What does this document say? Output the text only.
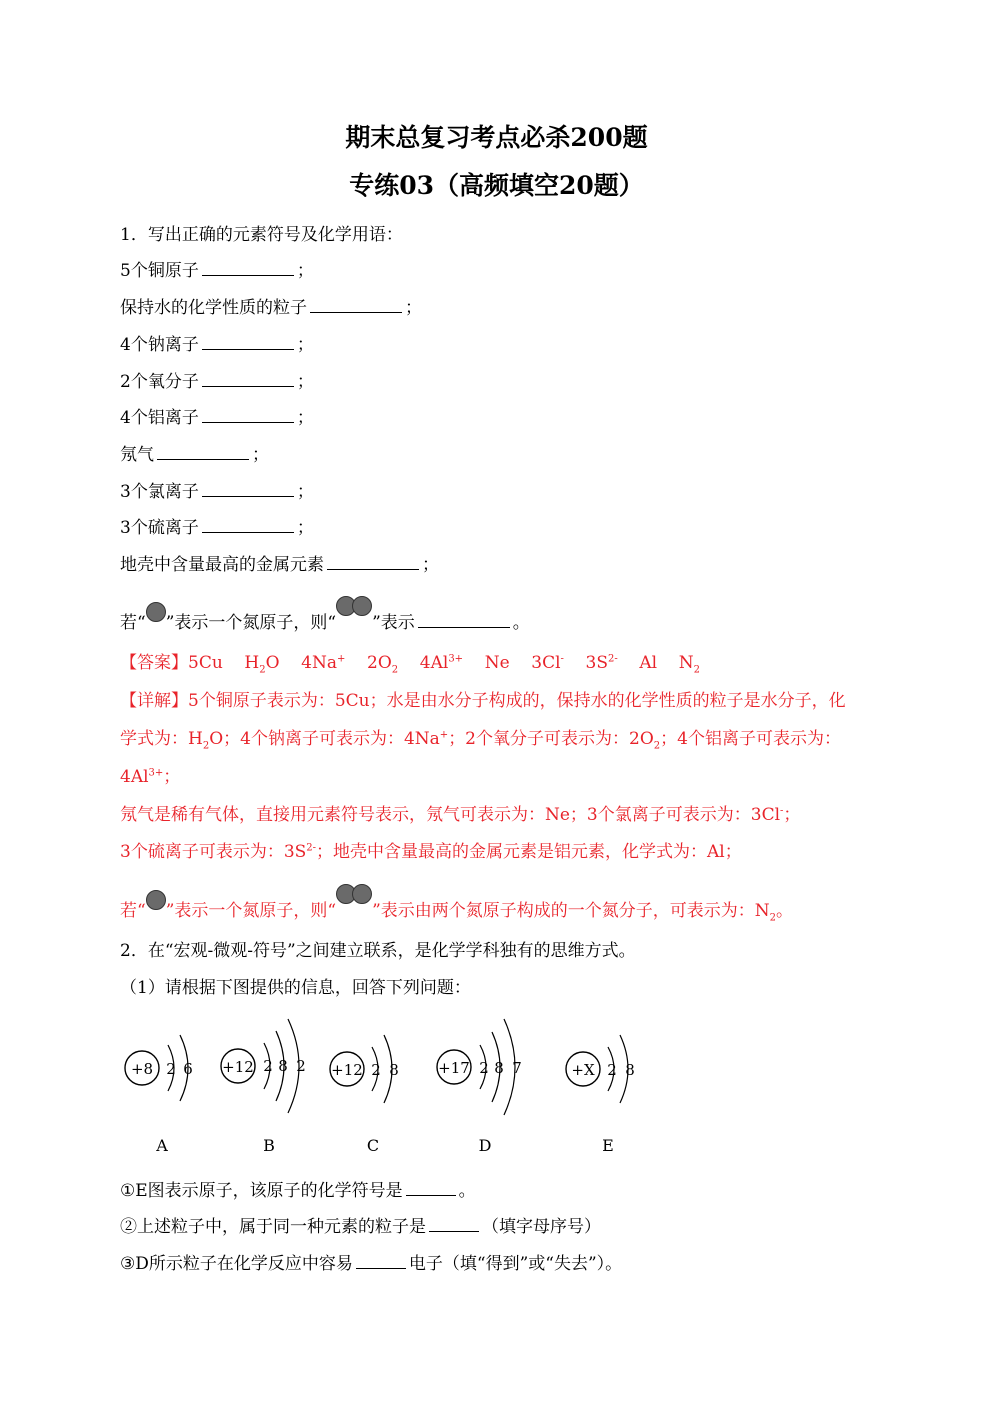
期末总复习考点必杀200题
专练03（高频填空20题）
1．写出正确的元素符号及化学用语：
5个铜原子	；
保持水的化学性质的粒子	；
4个钠离子	；
2个氧分子	；
4个铝离子	；
氖气	；
3个氯离子	；
3个硫离子	；
地壳中含量最高的金属元素	；
若“ ”表示一个氮原子，则“ ”表示	。
【答案】5Cu $H_2O$ 4Na+ $2O_2$ $4Al^{3+}$ Ne 3Cl- $3S^{2-}$ Al $N_2$
【详解】5个铜原子表示为：5Cu；水是由水分子构成的，保持水的化学性质的粒子是水分子，化
学式为：$H_2O$；4个钠离子可表示为：4Na+；2个氧分子可表示为：$2O_2$；4个铝离子可表示为：
$4Al^{3+}$；
氖气是稀有气体，直接用元素符号表示，氖气可表示为：Ne；3个氯离子可表示为：3Cl-；
3个硫离子可表示为：$3S^{2-}$；地壳中含量最高的金属元素是铝元素，化学式为：Al；
若“ ”表示一个氮原子，则“ ”表示由两个氮原子构成的一个氮分子，可表示为：$N_2$。
2．在“宏观-微观-符号”之间建立联系，是化学学科独有的思维方式。
（1）请根据下图提供的信息，回答下列问题：
+8 2 6
A
+12 2 8 2
B
+12 2 8
C
+17 2 8 7
D
+X 2 8
E
①E图表示原子，该原子的化学符号是	。
②上述粒子中，属于同一种元素的粒子是	（填字母序号）
③D所示粒子在化学反应中容易	电子（填“得到”或“失去”）。
